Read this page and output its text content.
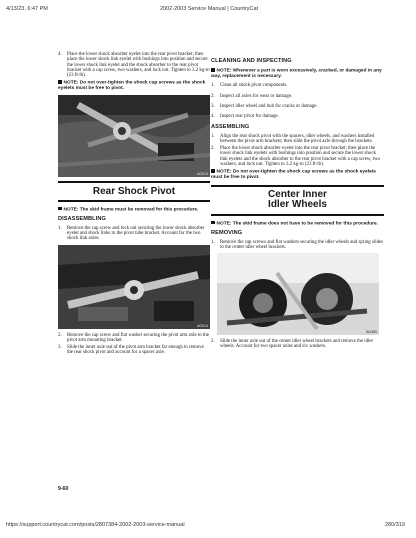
4/13/23, 6:47 PM	2002-2003 Service Manual | CountryCat
4.	Place the lower shock absorber eyelet into the rear pivot bracket; then place the lower shock link eyelet with bushings into position and secure the lower shock link eyelet and the shock absorber to the rear pivot bracket with a cap screw, two washers, and lock nut. Tighten to 3.2 kg-m (23 ft-lb).
NOTE: Do not over-tighten the shock cap screws as the shock eyelets must be free to pivot.
AG014
Rear Shock Pivot
NOTE: The skid frame must be removed for this procedure.
DISASSEMBLING
1.	Remove the cap screw and lock nut securing the lower shock absorber eyelet and shock links to the pivot tube bracket. Account for the two shock link axles.
AG014
2.	Remove the cap screw and flat washer securing the pivot arm axle to the pivot arm mounting bracket.
3.	Slide the inner axle out of the pivot arm bracket far enough to remove the rear shock pivot and account for a spacer axle.
CLEANING AND INSPECTING
NOTE: Whenever a part is worn excessively, cracked, or damaged in any way, replacement is necessary.
1.	Clean all shock pivot components.
2.	Inspect all axles for wear or damage.
3.	Inspect idler wheel and hub for cracks or damage.
4.	Inspect rear pivot for damage.
ASSEMBLING
1.	Align the rear shock pivot with the spacers, idler wheels, and washers installed between the pivot arm brackets; then slide the pivot axle through the brackets.
2.	Place the lower shock absorber eyelet into the rear pivot bracket; then place the lower shock link eyelets with bushings into position and secure the lower shock link eyelets and the shock absorber to the rear pivot bracket with a cap screw, two washers, and lock nut. Tighten to 3.2 kg-m (23 ft-lb).
NOTE: Do not over-tighten the shock cap screws as the shock eyelets must be free to pivot.
Center Inner
Idler Wheels
NOTE: The skid frame does not have to be removed for this procedure.
REMOVING
1.	Remove the cap screws and flat washers securing the idler wheels and spring slides to the center idler wheel brackets.
AG450
2.	Slide the inner axle out of the center idler wheel brackets and remove the idler wheels. Account for two spacer axles and six washers.
9-60
https://support.countrycat.com/posts/2807384-2002-2003-service-manual	280/319
